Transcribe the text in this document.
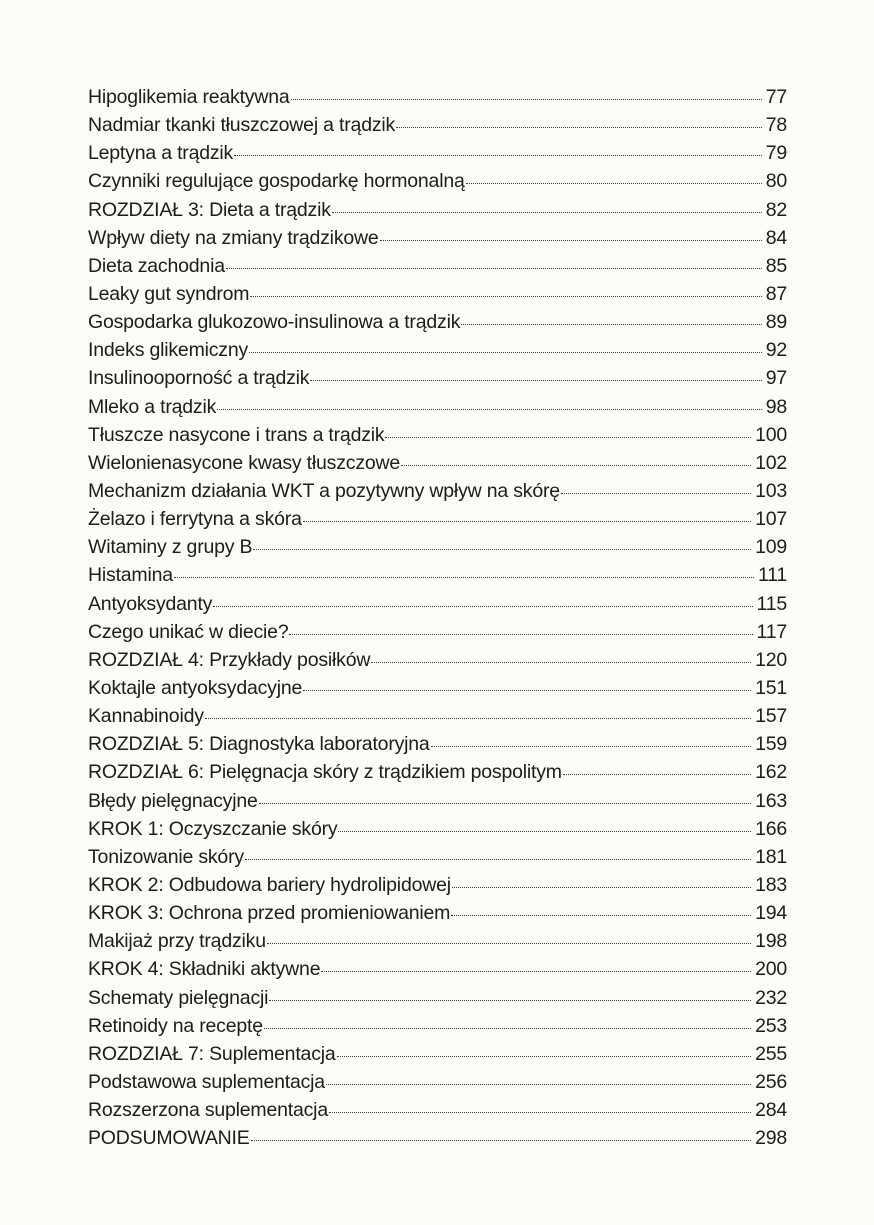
Hipoglikemia reaktywna	77
Nadmiar tkanki tłuszczowej a trądzik	78
Leptyna a trądzik	79
Czynniki regulujące gospodarkę hormonalną	80
ROZDZIAŁ 3: Dieta a trądzik	82
Wpływ diety na zmiany trądzikowe	84
Dieta zachodnia	85
Leaky gut syndrom	87
Gospodarka glukozowo-insulinowa a trądzik	89
Indeks glikemiczny	92
Insulinooporność a trądzik	97
Mleko a trądzik	98
Tłuszcze nasycone i trans a trądzik	100
Wielonienasycone kwasy tłuszczowe	102
Mechanizm działania WKT a pozytywny wpływ na skórę	103
Żelazo i ferrytyna a skóra	107
Witaminy z grupy B	109
Histamina	111
Antyoksydanty	115
Czego unikać w diecie?	117
ROZDZIAŁ 4: Przykłady posiłków	120
Koktajle antyoksydacyjne	151
Kannabinoidy	157
ROZDZIAŁ 5: Diagnostyka laboratoryjna	159
ROZDZIAŁ 6: Pielęgnacja skóry z trądzikiem pospolitym	162
Błędy pielęgnacyjne	163
KROK 1: Oczyszczanie skóry	166
Tonizowanie skóry	181
KROK 2: Odbudowa bariery hydrolipidowej	183
KROK 3: Ochrona przed promieniowaniem	194
Makijaż przy trądziku	198
KROK 4: Składniki aktywne	200
Schematy pielęgnacji	232
Retinoidy na receptę	253
ROZDZIAŁ 7: Suplementacja	255
Podstawowa suplementacja	256
Rozszerzona suplementacja	284
PODSUMOWANIE	298
